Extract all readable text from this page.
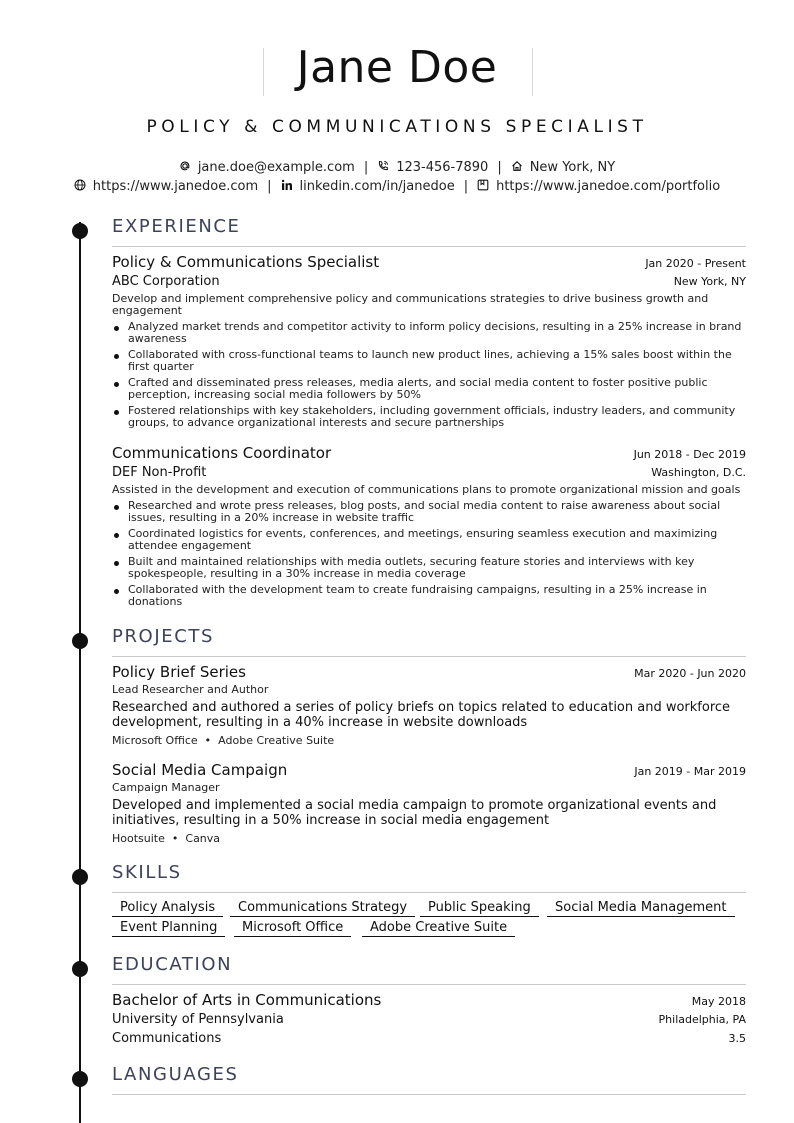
Jane Doe
POLICY & COMMUNICATIONS SPECIALIST
jane.doe@example.com | 123-456-7890 | New York, NY
https://www.janedoe.com | linkedin.com/in/janedoe | https://www.janedoe.com/portfolio
EXPERIENCE
Policy & Communications Specialist	Jan 2020 - Present
ABC Corporation	New York, NY
Develop and implement comprehensive policy and communications strategies to drive business growth and engagement
Analyzed market trends and competitor activity to inform policy decisions, resulting in a 25% increase in brand awareness
Collaborated with cross-functional teams to launch new product lines, achieving a 15% sales boost within the first quarter
Crafted and disseminated press releases, media alerts, and social media content to foster positive public perception, increasing social media followers by 50%
Fostered relationships with key stakeholders, including government officials, industry leaders, and community groups, to advance organizational interests and secure partnerships
Communications Coordinator	Jun 2018 - Dec 2019
DEF Non-Profit	Washington, D.C.
Assisted in the development and execution of communications plans to promote organizational mission and goals
Researched and wrote press releases, blog posts, and social media content to raise awareness about social issues, resulting in a 20% increase in website traffic
Coordinated logistics for events, conferences, and meetings, ensuring seamless execution and maximizing attendee engagement
Built and maintained relationships with media outlets, securing feature stories and interviews with key spokespeople, resulting in a 30% increase in media coverage
Collaborated with the development team to create fundraising campaigns, resulting in a 25% increase in donations
PROJECTS
Policy Brief Series	Mar 2020 - Jun 2020
Lead Researcher and Author
Researched and authored a series of policy briefs on topics related to education and workforce development, resulting in a 40% increase in website downloads
Microsoft Office • Adobe Creative Suite
Social Media Campaign	Jan 2019 - Mar 2019
Campaign Manager
Developed and implemented a social media campaign to promote organizational events and initiatives, resulting in a 50% increase in social media engagement
Hootsuite • Canva
SKILLS
Policy Analysis	Communications Strategy	Public Speaking	Social Media Management
Event Planning	Microsoft Office	Adobe Creative Suite
EDUCATION
Bachelor of Arts in Communications	May 2018
University of Pennsylvania	Philadelphia, PA
Communications	3.5
LANGUAGES
